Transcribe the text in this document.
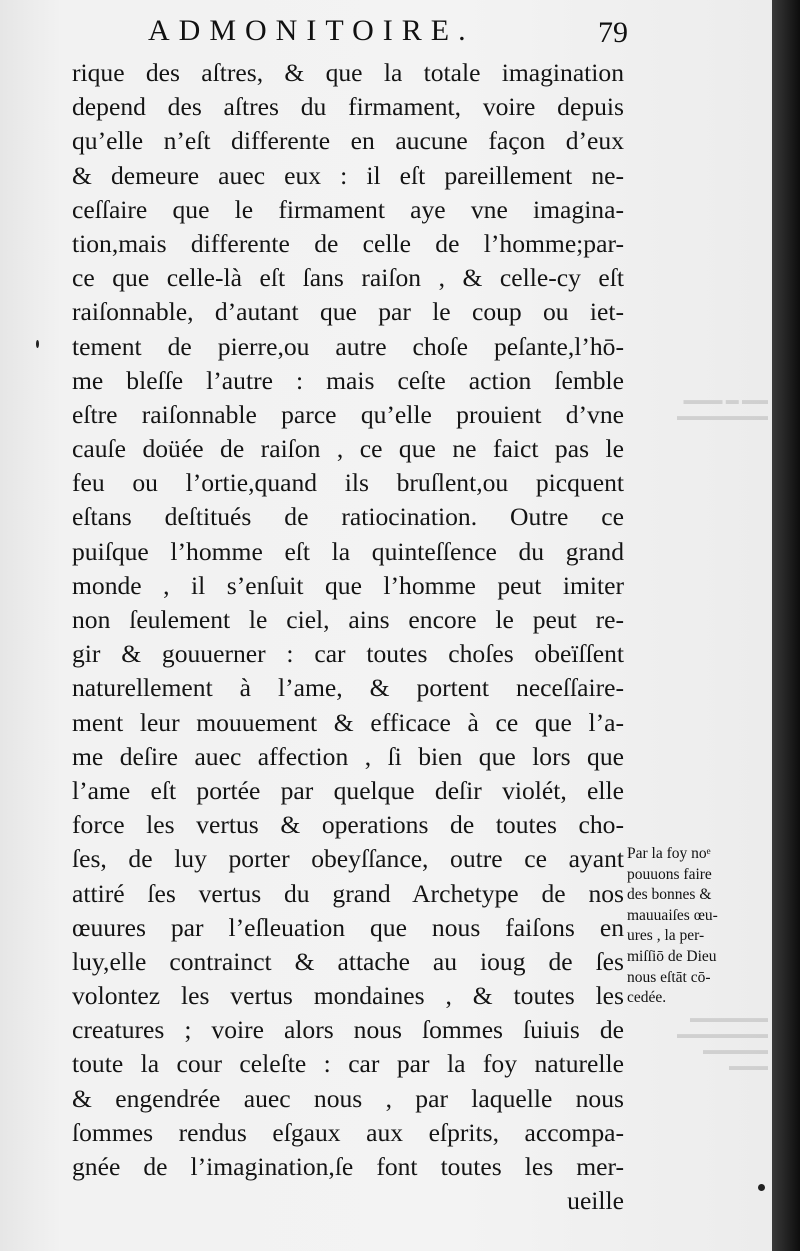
ADMONITOIRE.	79
rique des aſtres, & que la totale imagination
depend des aſtres du firmament, voire depuis
qu’elle n’eſt differente en aucune façon d’eux
& demeure auec eux : il eſt pareillement ne-
ceſſaire que le firmament aye vne imagina-
tion,mais differente de celle de l’homme;par-
ce que celle-là eſt ſans raiſon , & celle-cy eſt
raiſonnable, d’autant que par le coup ou iet-
tement de pierre,ou autre choſe peſante,l’hō-
me bleſſe l’autre : mais ceſte action ſemble
eſtre raiſonnable parce qu’elle prouient d’vne
cauſe doüée de raiſon , ce que ne faict pas le
feu ou l’ortie,quand ils bruſlent,ou picquent
eſtans deſtitués de ratiocination. Outre ce
puiſque l’homme eſt la quinteſſence du grand
monde , il s’enſuit que l’homme peut imiter
non ſeulement le ciel, ains encore le peut re-
gir & gouuerner : car toutes choſes obeïſſent
naturellement à l’ame, & portent neceſſaire-
ment leur mouuement & efficace à ce que l’a-
me deſire auec affection , ſi bien que lors que
l’ame eſt portée par quelque deſir violét, elle
force les vertus & operations de toutes cho-
ſes, de luy porter obeyſſance, outre ce ayant
attiré ſes vertus du grand Archetype de nos
œuures par l’eſleuation que nous faiſons en
luy,elle contrainct & attache au ioug de ſes
volontez les vertus mondaines , & toutes les
creatures ; voire alors nous ſommes ſuiuis de
toute la cour celeſte : car par la foy naturelle
& engendrée auec nous , par laquelle nous
ſommes rendus eſgaux aux eſprits, accompa-
gnée de l’imagination,ſe font toutes les mer-
ueille
Par la foy noᵉ
pouuons faire
des bonnes &
mauuaiſes œu-
ures , la per-
miſſiō de Dieu
nous eſtāt cō-
cedée.
▬▬ ▬ ▬▬▬
▬▬▬▬▬▬▬
▬▬▬▬▬▬
▬▬▬▬▬▬▬
▬▬▬▬▬
▬▬▬
